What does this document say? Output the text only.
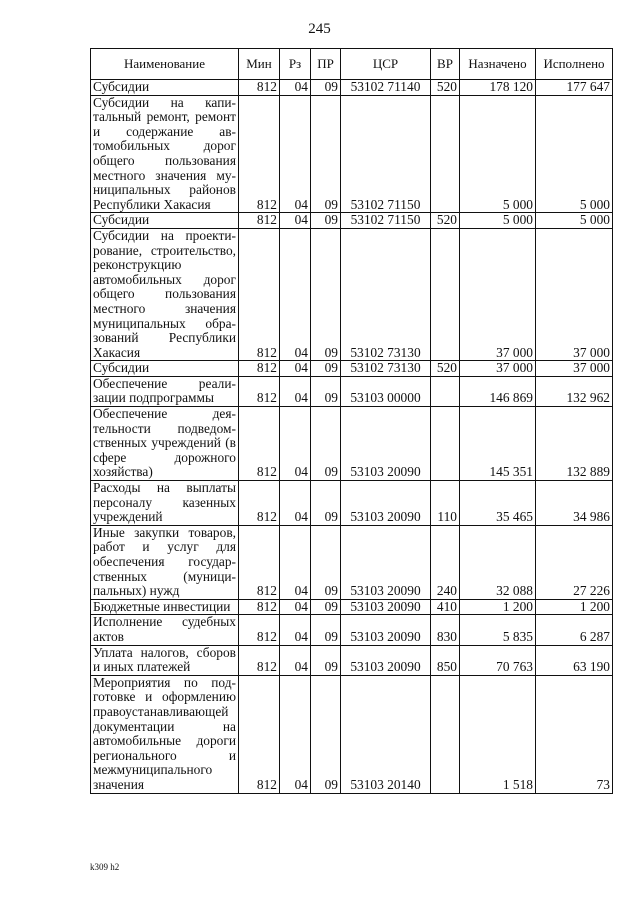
245
Наименование	Мин	Рз	ПР	ЦСР	ВР	Назначено	Исполнено
Субсидии	812	04	09	53102 71140	520	178 120	177 647
Субсидии на капитальный ремонт, ремонт и содержание автомобильных дорог общего пользования местного значения муниципальных районов Республики Хакасия	812	04	09	53102 71150		5 000	5 000
Субсидии	812	04	09	53102 71150	520	5 000	5 000
Субсидии на проектирование, строительство, реконструкцию автомобильных дорог общего пользования местного значения муниципальных образований Республики Хакасия	812	04	09	53102 73130		37 000	37 000
Субсидии	812	04	09	53102 73130	520	37 000	37 000
Обеспечение реализации подпрограммы	812	04	09	53103 00000		146 869	132 962
Обеспечение деятельности подведомственных учреждений (в сфере дорожного хозяйства)	812	04	09	53103 20090		145 351	132 889
Расходы на выплаты персоналу казенных учреждений	812	04	09	53103 20090	110	35 465	34 986
Иные закупки товаров, работ и услуг для обеспечения государственных (муниципальных) нужд	812	04	09	53103 20090	240	32 088	27 226
Бюджетные инвестиции	812	04	09	53103 20090	410	1 200	1 200
Исполнение судебных актов	812	04	09	53103 20090	830	5 835	6 287
Уплата налогов, сборов и иных платежей	812	04	09	53103 20090	850	70 763	63 190
Мероприятия по подготовке и оформлению правоустанавливающей документации на автомобильные дороги регионального и межмуниципального значения	812	04	09	53103 20140		1 518	73
k309 h2
